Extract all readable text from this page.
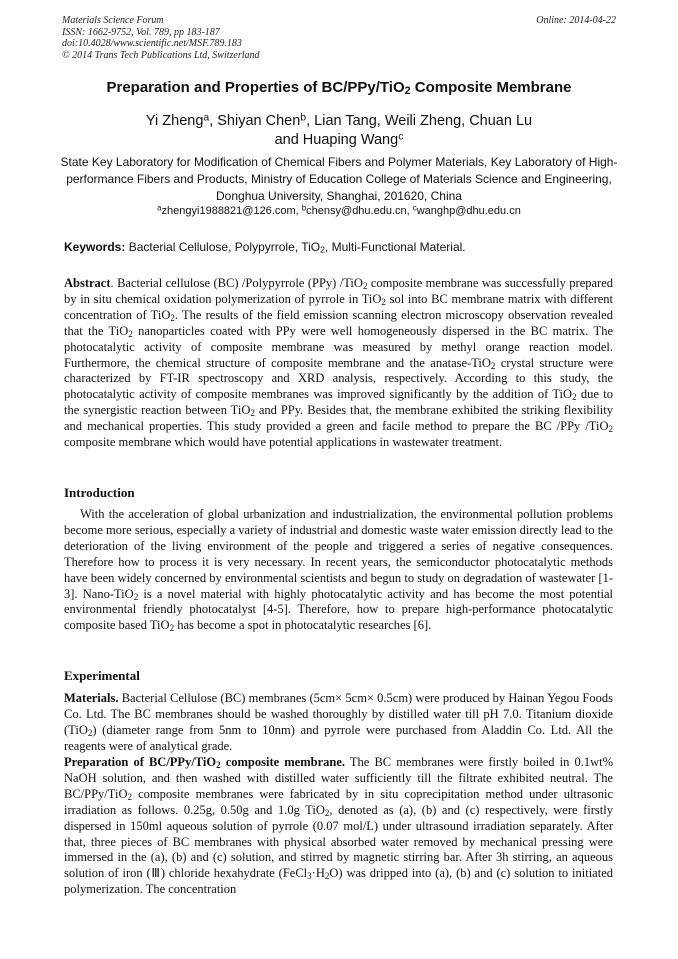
Materials Science Forum
ISSN: 1662-9752, Vol. 789, pp 183-187
doi:10.4028/www.scientific.net/MSF.789.183
© 2014 Trans Tech Publications Ltd, Switzerland
Online: 2014-04-22
Preparation and Properties of BC/PPy/TiO$_2$ Composite Membrane
Yi Zheng$^a$, Shiyan Chen$^b$, Lian Tang, Weili Zheng, Chuan Lu
and Huaping Wang$^c$
State Key Laboratory for Modification of Chemical Fibers and Polymer Materials, Key Laboratory of High-performance Fibers and Products, Ministry of Education College of Materials Science and Engineering, Donghua University, Shanghai, 201620, China
$^a$zhengyi1988821@126.com, $^b$chensy@dhu.edu.cn, $^c$wanghp@dhu.edu.cn
Keywords: Bacterial Cellulose, Polypyrrole, TiO$_2$, Multi-Functional Material.
Abstract. Bacterial cellulose (BC) /Polypyrrole (PPy) /TiO$_2$ composite membrane was successfully prepared by in situ chemical oxidation polymerization of pyrrole in TiO$_2$ sol into BC membrane matrix with different concentration of TiO$_2$. The results of the field emission scanning electron microscopy observation revealed that the TiO$_2$ nanoparticles coated with PPy were well homogeneously dispersed in the BC matrix. The photocatalytic activity of composite membrane was measured by methyl orange reaction model. Furthermore, the chemical structure of composite membrane and the anatase-TiO$_2$ crystal structure were characterized by FT-IR spectroscopy and XRD analysis, respectively. According to this study, the photocatalytic activity of composite membranes was improved significantly by the addition of TiO$_2$ due to the synergistic reaction between TiO$_2$ and PPy. Besides that, the membrane exhibited the striking flexibility and mechanical properties. This study provided a green and facile method to prepare the BC /PPy /TiO$_2$ composite membrane which would have potential applications in wastewater treatment.
Introduction
With the acceleration of global urbanization and industrialization, the environmental pollution problems become more serious, especially a variety of industrial and domestic waste water emission directly lead to the deterioration of the living environment of the people and triggered a series of negative consequences. Therefore how to process it is very necessary. In recent years, the semiconductor photocatalytic methods have been widely concerned by environmental scientists and begun to study on degradation of wastewater [1-3]. Nano-TiO$_2$ is a novel material with highly photocatalytic activity and has become the most potential environmental friendly photocatalyst [4-5]. Therefore, how to prepare high-performance photocatalytic composite based TiO$_2$ has become a spot in photocatalytic researches [6].
Experimental
Materials. Bacterial Cellulose (BC) membranes (5cm× 5cm× 0.5cm) were produced by Hainan Yegou Foods Co. Ltd. The BC membranes should be washed thoroughly by distilled water till pH 7.0. Titanium dioxide (TiO$_2$) (diameter range from 5nm to 10nm) and pyrrole were purchased from Aladdin Co. Ltd. All the reagents were of analytical grade.
Preparation of BC/PPy/TiO$_2$ composite membrane. The BC membranes were firstly boiled in 0.1wt% NaOH solution, and then washed with distilled water sufficiently till the filtrate exhibited neutral. The BC/PPy/TiO$_2$ composite membranes were fabricated by in situ coprecipitation method under ultrasonic irradiation as follows. 0.25g, 0.50g and 1.0g TiO$_2$, denoted as (a), (b) and (c) respectively, were firstly dispersed in 150ml aqueous solution of pyrrole (0.07 mol/L) under ultrasound irradiation separately. After that, three pieces of BC membranes with physical absorbed water removed by mechanical pressing were immersed in the (a), (b) and (c) solution, and stirred by magnetic stirring bar. After 3h stirring, an aqueous solution of iron (Ⅲ) chloride hexahydrate $(FeCl_3\cdot H_2O)$ was dripped into (a), (b) and (c) solution to initiated polymerization. The concentration
